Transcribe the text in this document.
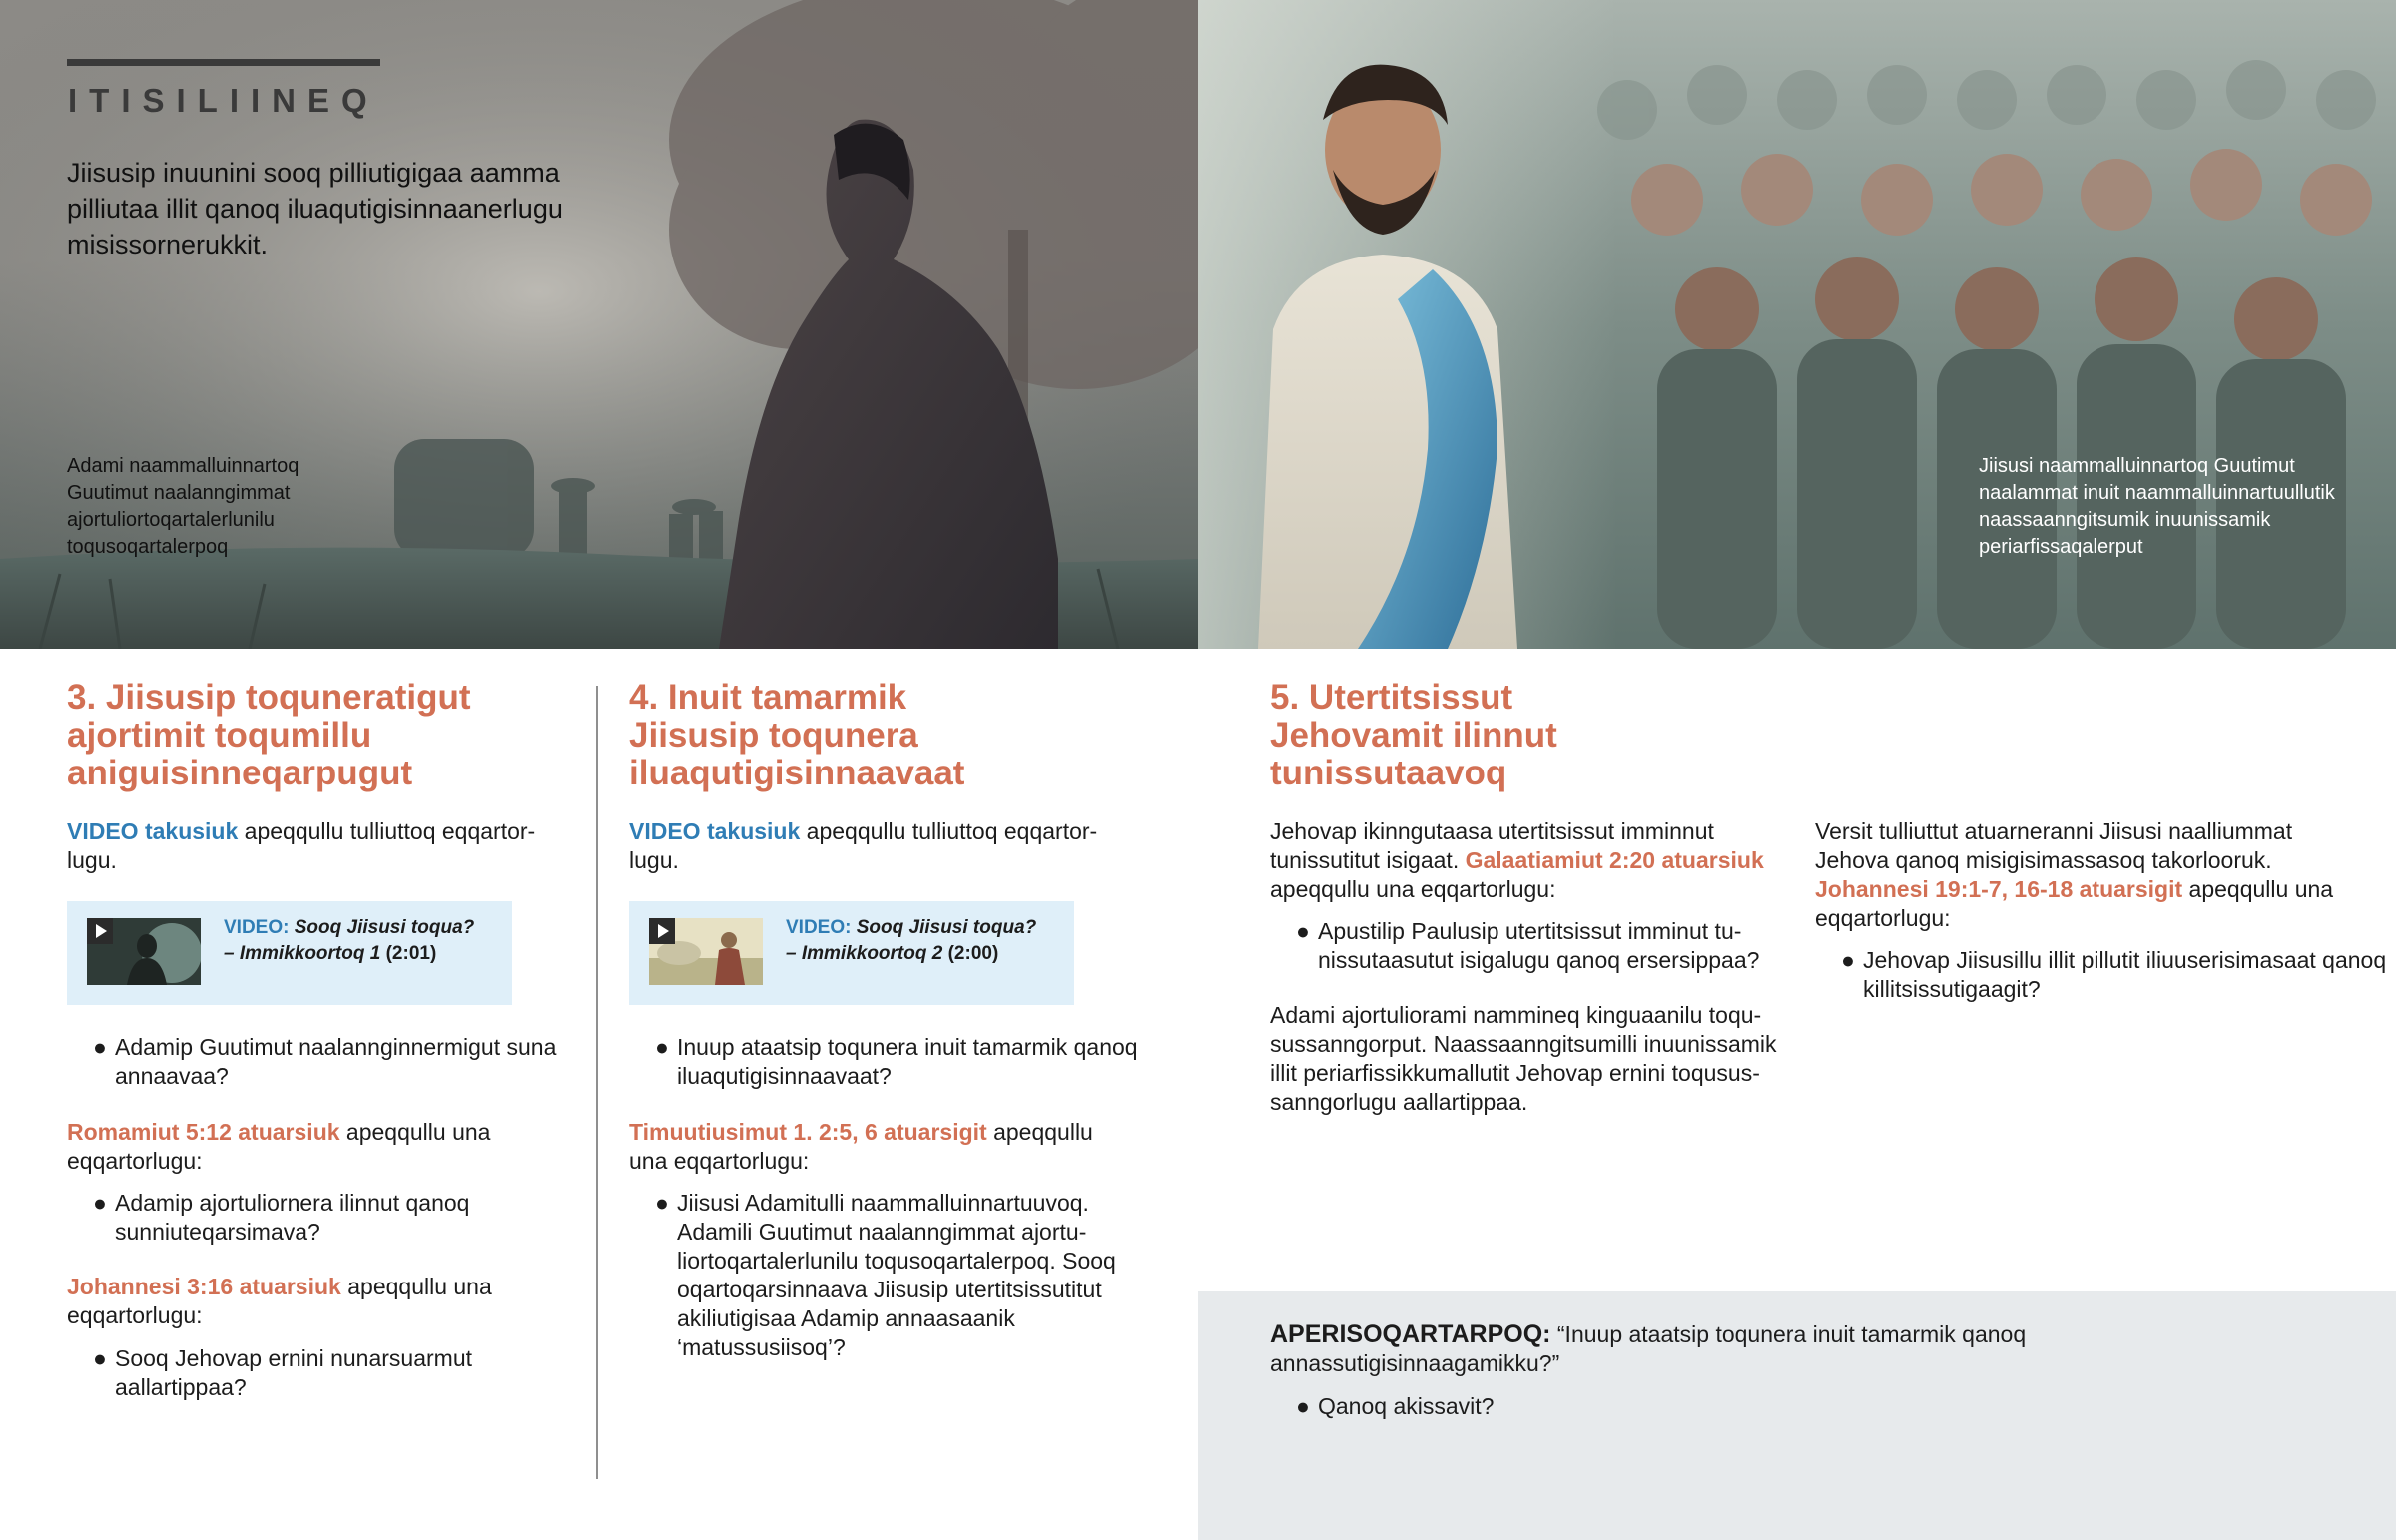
ITISILIINEQ

Jiisusip inuunini sooq pilliutigigaa aamma pilliutaa illit qanoq iluaqutigisinnaanerlugu misissornerukkit.

Adami naammalluinnartoq Guutimut naalanngimmat ajortuliortoqartalerlunilu toqusoqartalerpoq

Jiisusi naammalluinnartoq Guutimut naalammat inuit naammalluinnartuullutik naassaanngitsumik inuunissamik periarfissaqalerput

3. Jiisusip toquneratigut
ajortimit toqumillu
aniguisinneqarpugut

VIDEO takusiuk apeqqullu tulliuttoq eqqartorlugu.

VIDEO: Sooq Jiisusi toqua?
– Immikkoortoq 1 (2:01)
● Adamip Guutimut naalannginnermigut suna annaavaa?

Romamiut 5:12 atuarsiuk apeqqullu una
eqqartorlugu:

● Adamip ajortuliornera ilinnut qanoq sunniuteqarsimava?

Johannesi 3:16 atuarsiuk apeqqullu una
eqqartorlugu:

● Sooq Jehovap ernini nunarsuarmut aallartippaa?
4. Inuit tamarmik
Jiisusip toqunera
iluaqutigisinnaavaat

VIDEO takusiuk apeqqullu tulliuttoq eqqartorlugu.

VIDEO: Sooq Jiisusi toqua?
– Immikkoortoq 2 (2:00)
● Inuup ataatsip toqunera inuit tamarmik qanoq iluaqutigisinnaavaat?

Timuutiusimut 1. 2:5, 6 atuarsigit apeqqullu
una eqqartorlugu:

● Jiisusi Adamitulli naammalluinnartuuvoq. Adamili Guutimut naalanngimmat ajortuliortoqartalerlunilu toqusoqartalerpoq. Sooq oqartoqarsinnaava Jiisusip utertitsissutitut akiliutigisaa Adamip annaasaanik ‘matussusiisoq’?
5. Utertitsissut
Jehovamit ilinnut
tunissutaavoq

Jehovap ikinngutaasa utertitsissut imminnut tunissutitut isigaat. Galaatiamiut 2:20 atuarsiuk apeqqullu una eqqartorlugu:

● Apustilip Paulusip utertitsissut imminut tunissutaasutut isigalugu qanoq ersersippaa?

Adami ajortuliorami nammineq kinguaanilu toqusussanngorput. Naassaanngitsumilli inuunissamik illit periarfissikkumallutit Jehovap ernini toqusussanngorlugu aallartippaa.

Versit tulliuttut atuarneranni Jiisusi naalliummat Jehova qanoq misigisimassasoq takorlooruk. Johannesi 19:1-7, 16-18 atuarsigit apeqqullu una eqqartorlugu:

● Jehovap Jiisusillu illit pillutit iliuuserisimasaat qanoq killitsissutigaagit?

APERISOQARTARPOQ: “Inuup ataatsip toqunera inuit tamarmik qanoq annassutigisinnaagamikku?”

● Qanoq akissavit?
